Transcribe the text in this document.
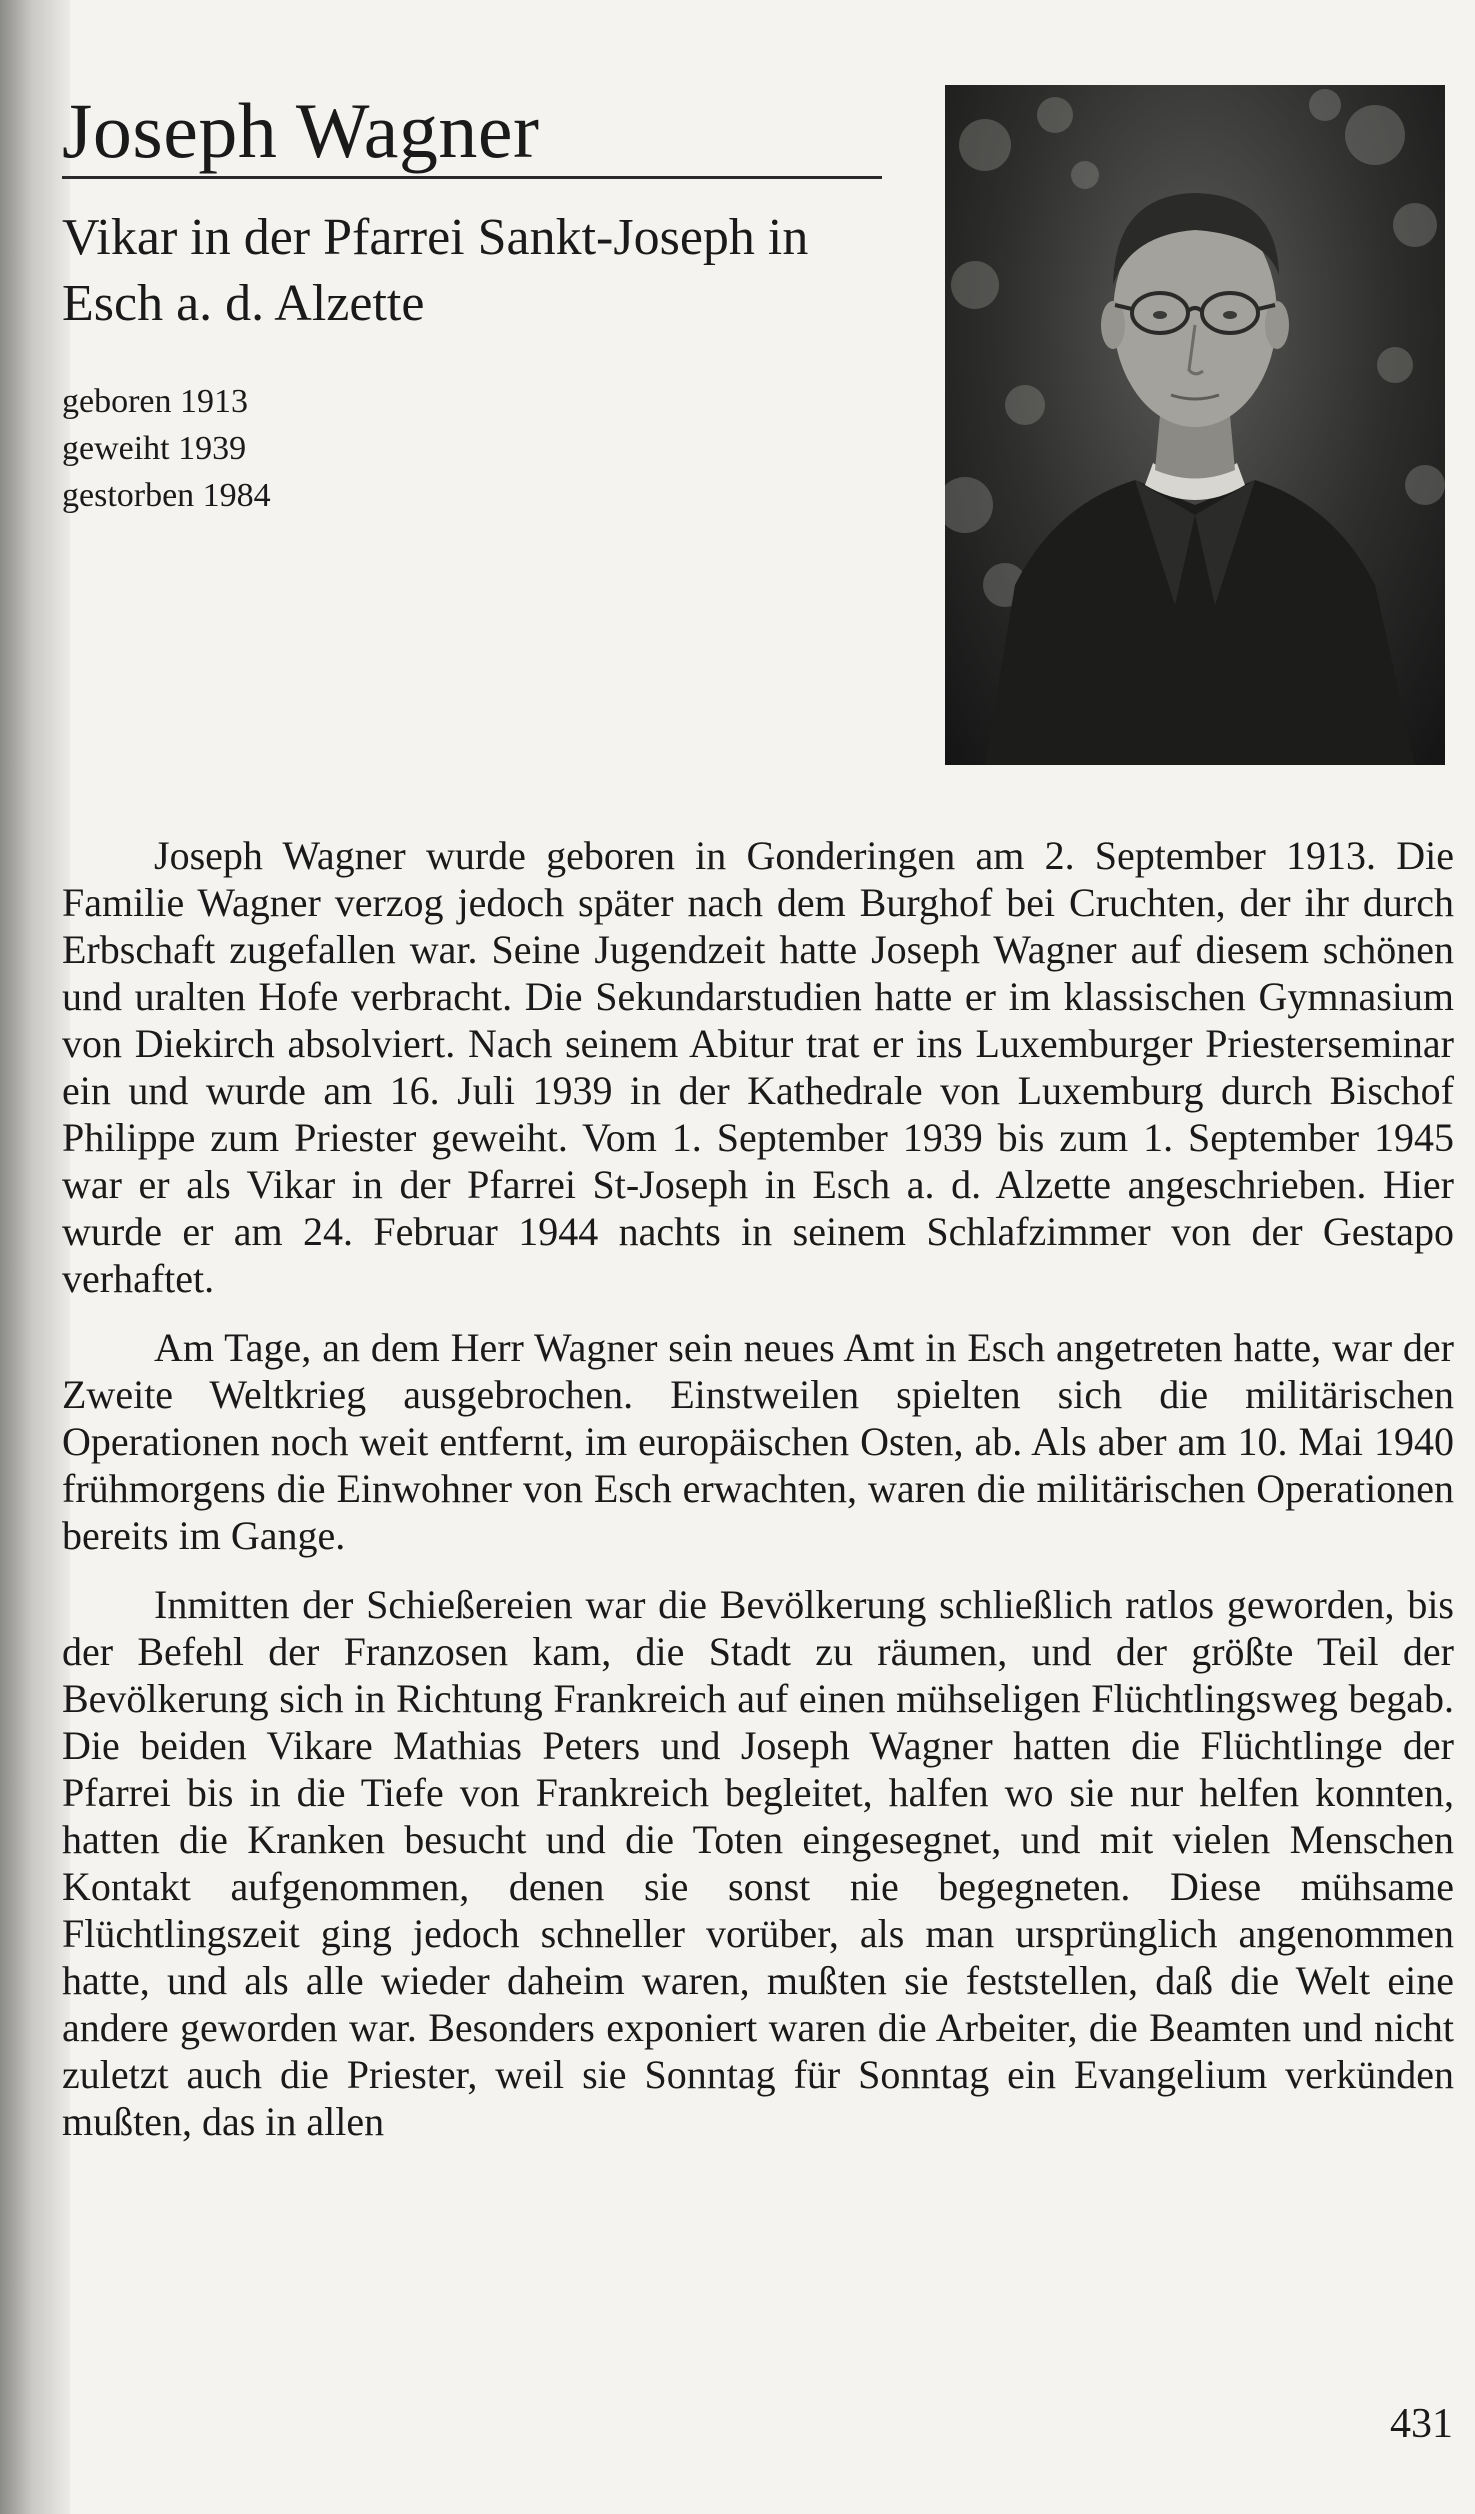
Joseph Wagner
Vikar in der Pfarrei Sankt-Joseph in Esch a. d. Alzette
geboren 1913
geweiht 1939
gestorben 1984

Joseph Wagner wurde geboren in Gonderingen am 2. September 1913. Die Familie Wagner verzog jedoch später nach dem Burghof bei Cruchten, der ihr durch Erbschaft zugefallen war. Seine Jugendzeit hatte Joseph Wagner auf diesem schönen und uralten Hofe verbracht. Die Sekundarstudien hatte er im klassischen Gymnasium von Diekirch absolviert. Nach seinem Abitur trat er ins Luxemburger Priesterseminar ein und wurde am 16. Juli 1939 in der Kathedrale von Luxemburg durch Bischof Philippe zum Priester geweiht. Vom 1. September 1939 bis zum 1. September 1945 war er als Vikar in der Pfarrei St-Joseph in Esch a. d. Alzette angeschrieben. Hier wurde er am 24. Februar 1944 nachts in seinem Schlafzimmer von der Gestapo verhaftet.

Am Tage, an dem Herr Wagner sein neues Amt in Esch angetreten hatte, war der Zweite Weltkrieg ausgebrochen. Einstweilen spielten sich die militärischen Operationen noch weit entfernt, im europäischen Osten, ab. Als aber am 10. Mai 1940 frühmorgens die Einwohner von Esch erwachten, waren die militärischen Operationen bereits im Gange.

Inmitten der Schießereien war die Bevölkerung schließlich ratlos geworden, bis der Befehl der Franzosen kam, die Stadt zu räumen, und der größte Teil der Bevölkerung sich in Richtung Frankreich auf einen mühseligen Flüchtlingsweg begab. Die beiden Vikare Mathias Peters und Joseph Wagner hatten die Flüchtlinge der Pfarrei bis in die Tiefe von Frankreich begleitet, halfen wo sie nur helfen konnten, hatten die Kranken besucht und die Toten eingesegnet, und mit vielen Menschen Kontakt aufgenommen, denen sie sonst nie begegneten. Diese mühsame Flüchtlingszeit ging jedoch schneller vorüber, als man ursprünglich angenommen hatte, und als alle wieder daheim waren, mußten sie feststellen, daß die Welt eine andere geworden war. Besonders exponiert waren die Arbeiter, die Beamten und nicht zuletzt auch die Priester, weil sie Sonntag für Sonntag ein Evangelium verkünden mußten, das in allen

431
